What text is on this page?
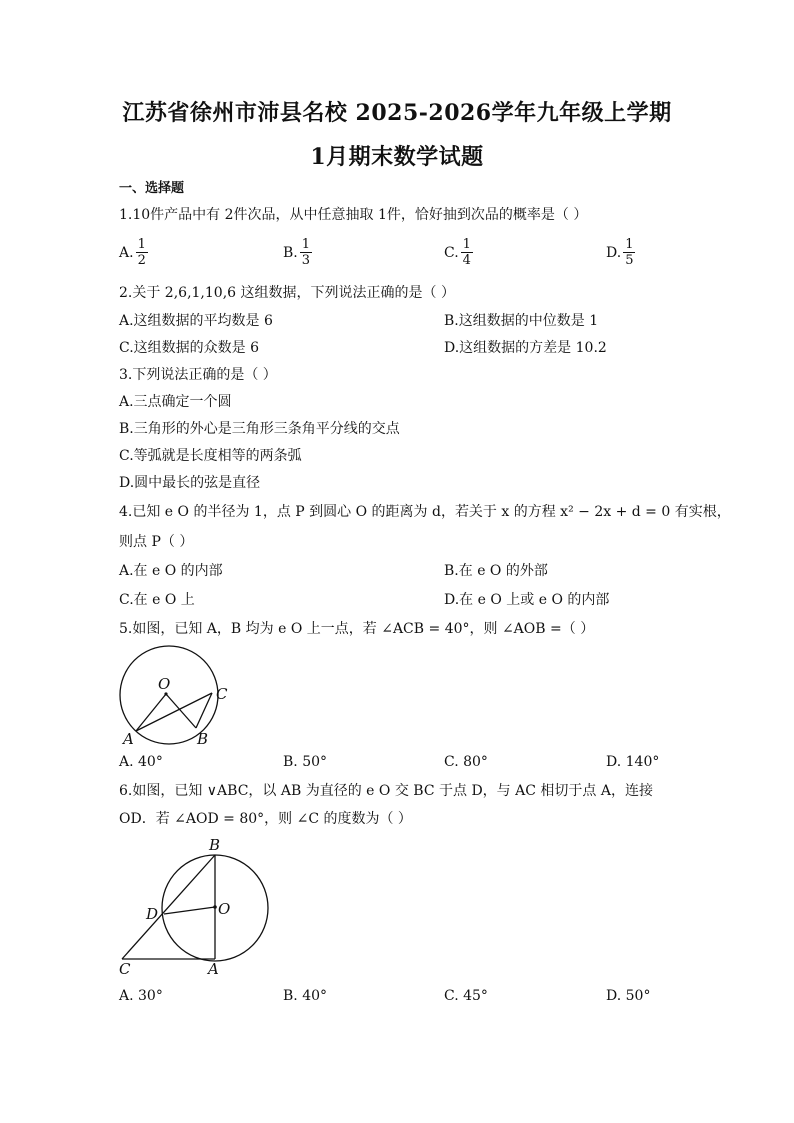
江苏省徐州市沛县名校 2025-2026学年九年级上学期
1月期末数学试题
一、选择题
1.10件产品中有 2件次品，从中任意抽取 1件，恰好抽到次品的概率是（ ）
A. $\frac{1}{2}$	B. $\frac{1}{3}$	C. $\frac{1}{4}$	D. $\frac{1}{5}$
2.关于 2,6,1,10,6 这组数据，下列说法正确的是（ ）
A.这组数据的平均数是 6	B.这组数据的中位数是 1
C.这组数据的众数是 6	D.这组数据的方差是 10.2
3.下列说法正确的是（ ）
A.三点确定一个圆
B.三角形的外心是三角形三条角平分线的交点
C.等弧就是长度相等的两条弧
D.圆中最长的弦是直径
4.已知 e O 的半径为 1，点 P 到圆心 O 的距离为 d，若关于 x 的方程 x² − 2x + d = 0 有实根，
则点 P（ ）
A.在 e O 的内部	B.在 e O 的外部
C.在 e O 上	D.在 e O 上或 e O 的内部
5.如图，已知 A，B 均为 e O 上一点，若 ∠ACB = 40°，则 ∠AOB =（ ）
O
C
A	B
A. 40°	B. 50°	C. 80°	D. 140°
6.如图，已知 ∨ABC，以 AB 为直径的 e O 交 BC 于点 D，与 AC 相切于点 A，连接
OD．若 ∠AOD = 80°，则 ∠C 的度数为（ ）
B
D	O
C	A
A. 30°	B. 40°	C. 45°	D. 50°
